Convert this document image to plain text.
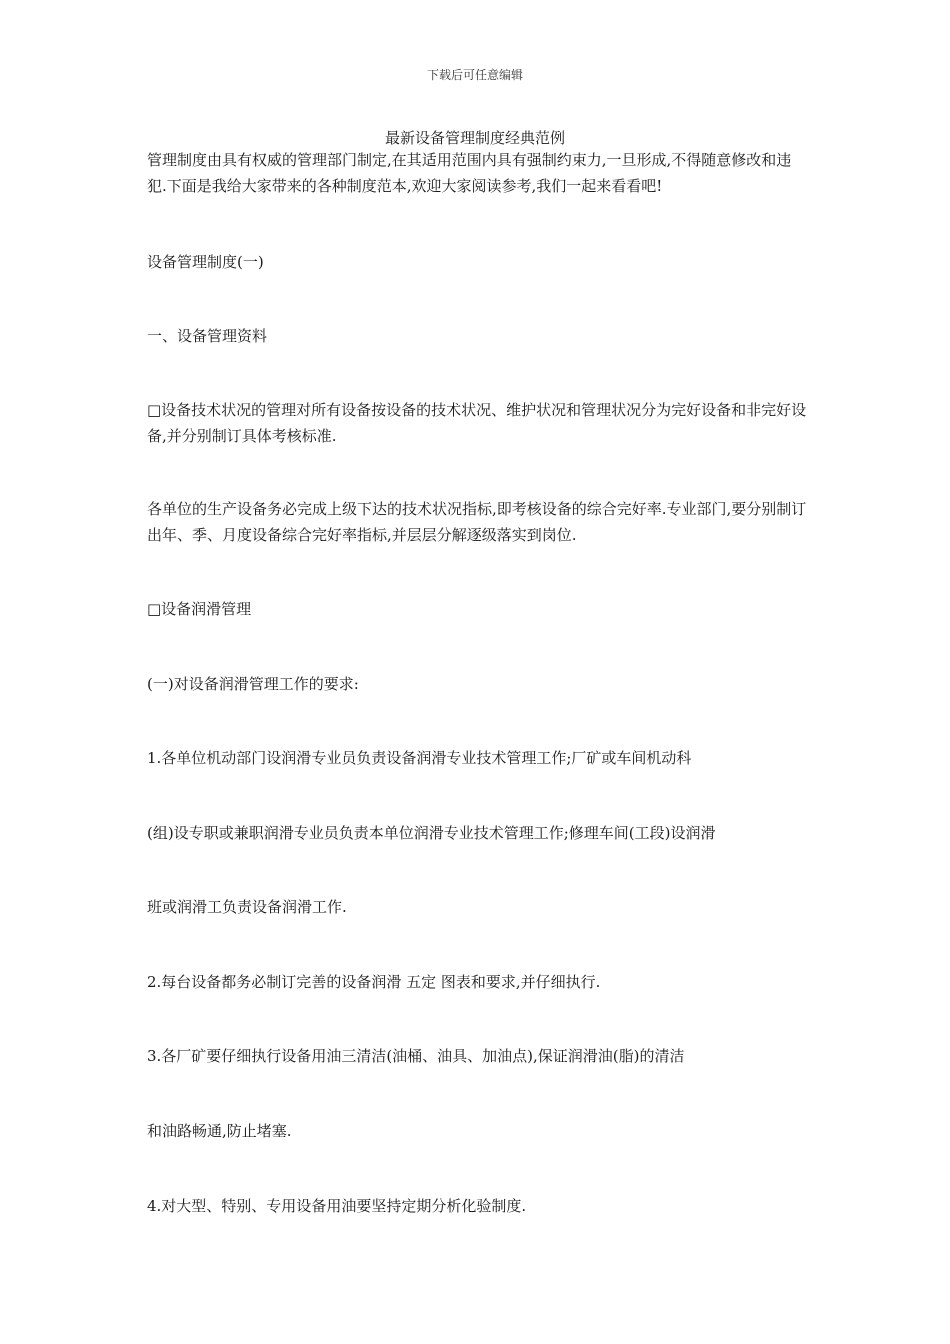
下载后可任意编辑
最新设备管理制度经典范例

管理制度由具有权威的管理部门制定,在其适用范围内具有强制约束力,一旦形成,不得随意修改和违犯.下面是我给大家带来的各种制度范本,欢迎大家阅读参考,我们一起来看看吧!

设备管理制度(一)

一、设备管理资料

□设备技术状况的管理对所有设备按设备的技术状况、维护状况和管理状况分为完好设备和非完好设备,并分别制订具体考核标准.

各单位的生产设备务必完成上级下达的技术状况指标,即考核设备的综合完好率.专业部门,要分别制订出年、季、月度设备综合完好率指标,并层层分解逐级落实到岗位.

□设备润滑管理

(一)对设备润滑管理工作的要求:

1.各单位机动部门设润滑专业员负责设备润滑专业技术管理工作;厂矿或车间机动科

(组)设专职或兼职润滑专业员负责本单位润滑专业技术管理工作;修理车间(工段)设润滑

班或润滑工负责设备润滑工作.

2.每台设备都务必制订完善的设备润滑 五定 图表和要求,并仔细执行.

3.各厂矿要仔细执行设备用油三清洁(油桶、油具、加油点),保证润滑油(脂)的清洁

和油路畅通,防止堵塞.

4.对大型、特别、专用设备用油要坚持定期分析化验制度.
